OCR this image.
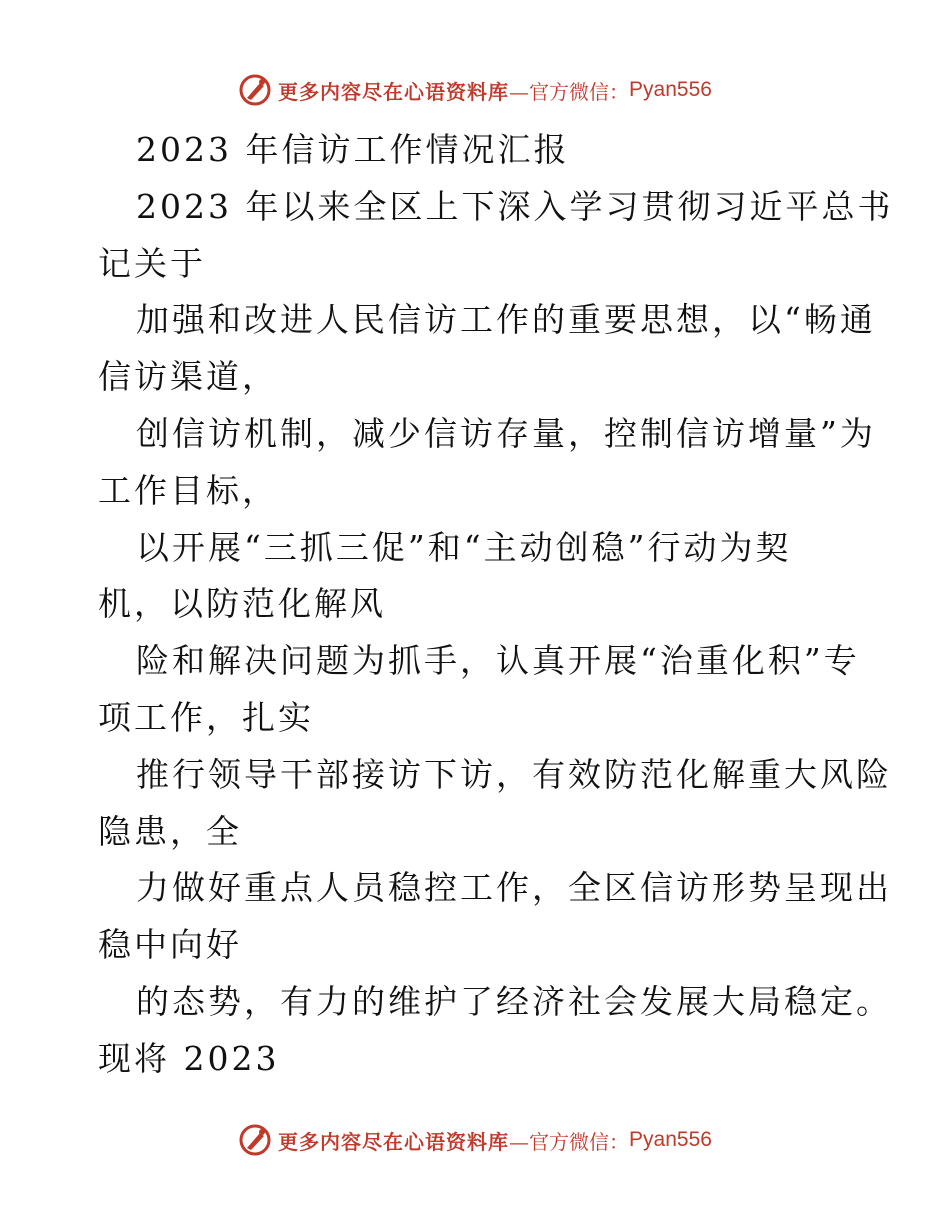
更多内容尽在心语资料库 —官方微信： Pyan556
2023 年信访工作情况汇报
2023 年以来全区上下深入学习贯彻习近平总书
记关于
加强和改进人民信访工作的重要思想，以“畅通
信访渠道，
创信访机制，减少信访存量，控制信访增量”为
工作目标，
以开展“三抓三促”和“主动创稳”行动为契
机，以防范化解风
险和解决问题为抓手，认真开展“治重化积”专
项工作，扎实
推行领导干部接访下访，有效防范化解重大风险
隐患，全
力做好重点人员稳控工作，全区信访形势呈现出
稳中向好
的态势，有力的维护了经济社会发展大局稳定。
现将 2023
更多内容尽在心语资料库 —官方微信： Pyan556
